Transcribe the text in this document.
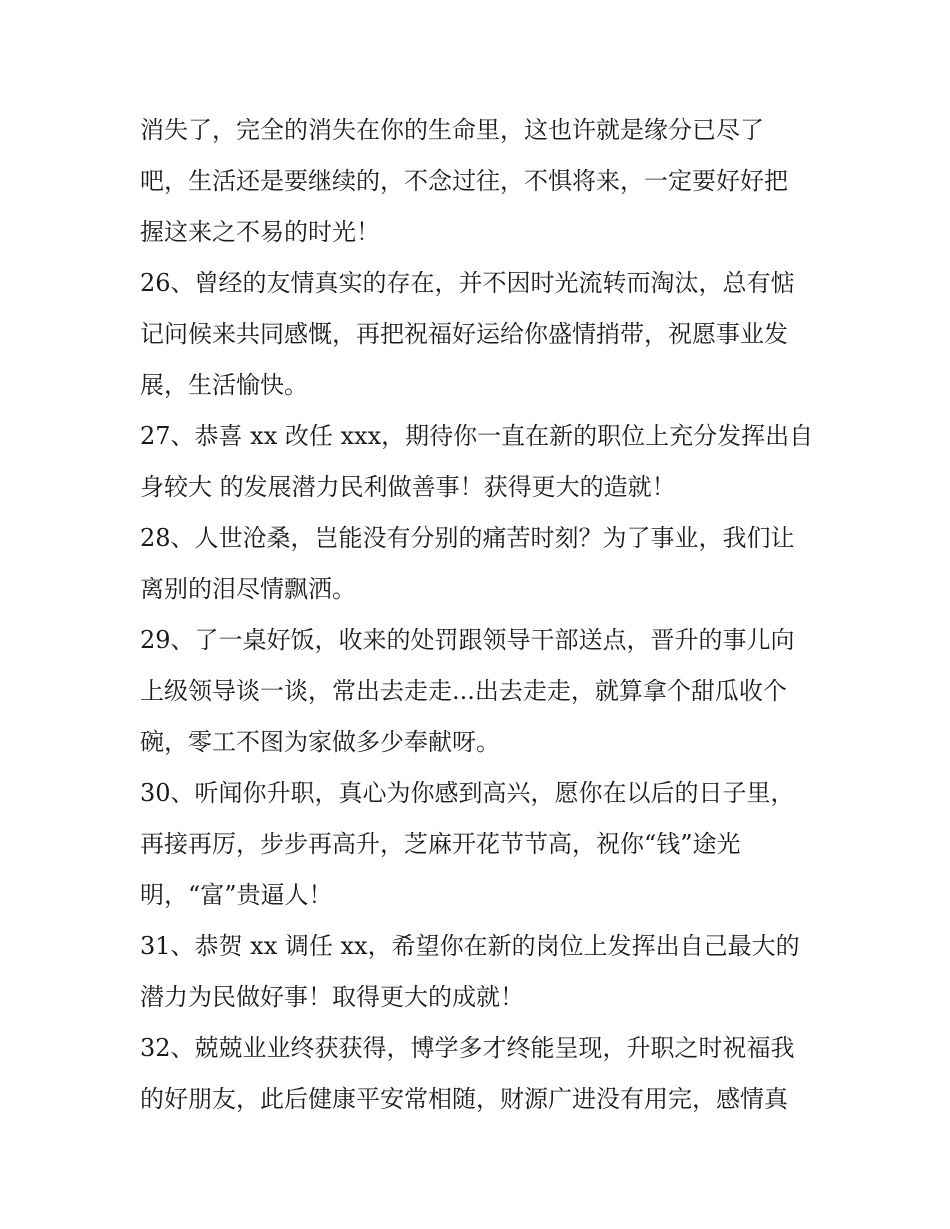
消失了，完全的消失在你的生命里，这也许就是缘分已尽了
吧，生活还是要继续的，不念过往，不惧将来，一定要好好把
握这来之不易的时光！
26、曾经的友情真实的存在，并不因时光流转而淘汰，总有惦
记问候来共同感慨，再把祝福好运给你盛情捎带，祝愿事业发
展，生活愉快。
27、恭喜 xx 改任 xxx，期待你一直在新的职位上充分发挥出自
身较大 的发展潜力民利做善事！获得更大的造就！
28、人世沧桑，岂能没有分别的痛苦时刻？为了事业，我们让
离别的泪尽情飘洒。
29、了一桌好饭，收来的处罚跟领导干部送点，晋升的事儿向
上级领导谈一谈，常出去走走...出去走走，就算拿个甜瓜收个
碗，零工不图为家做多少奉献呀。
30、听闻你升职，真心为你感到高兴，愿你在以后的日子里，
再接再厉，步步再高升，芝麻开花节节高，祝你“钱”途光
明，“富”贵逼人！
31、恭贺 xx 调任 xx，希望你在新的岗位上发挥出自己最大的
潜力为民做好事！取得更大的成就！
32、兢兢业业终获获得，博学多才终能呈现，升职之时祝福我
的好朋友，此后健康平安常相随，财源广进没有用完，感情真
